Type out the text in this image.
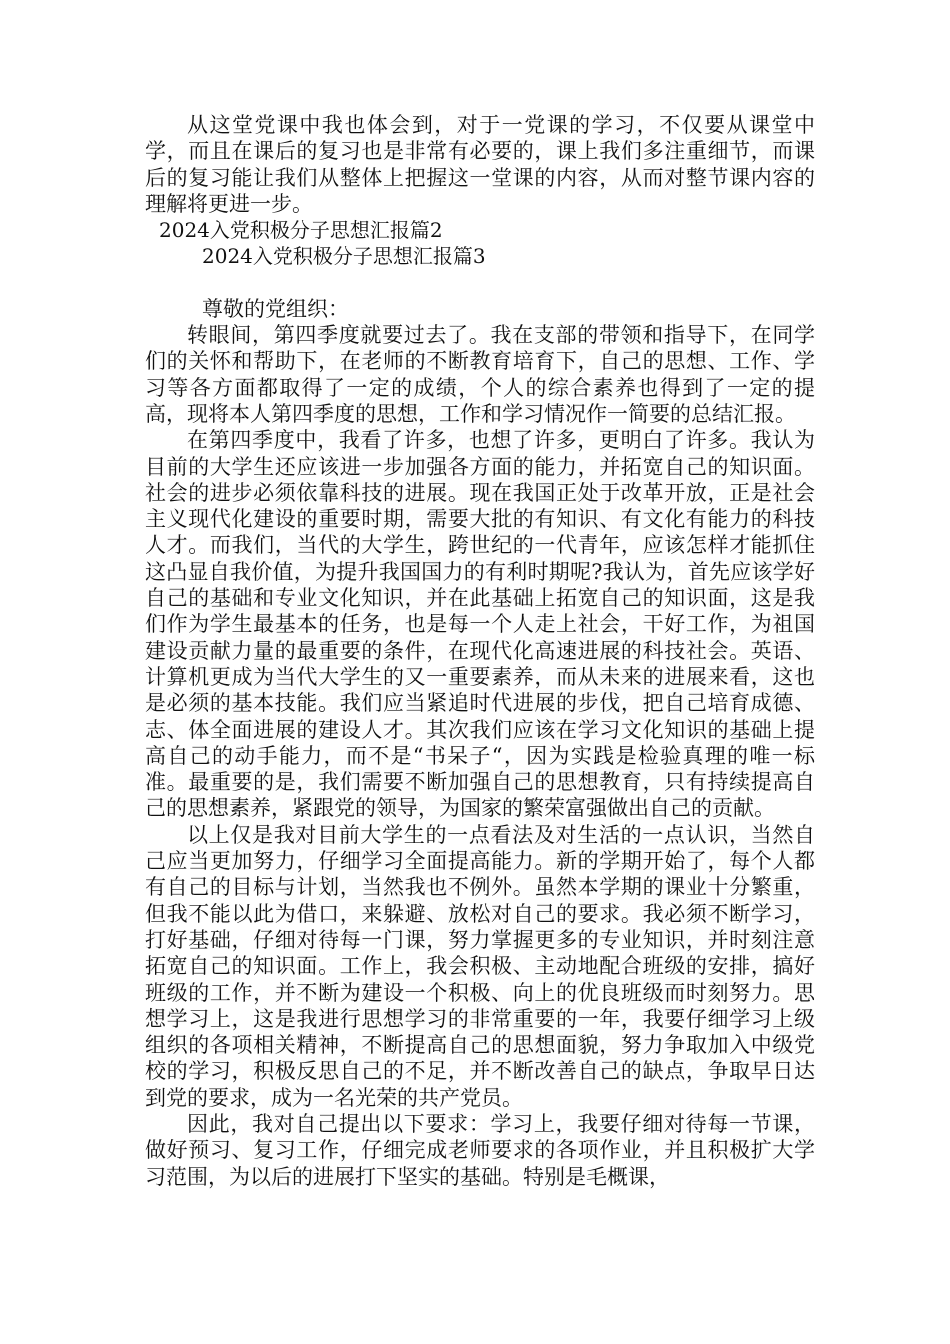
从这堂党课中我也体会到，对于一党课的学习，不仅要从课堂中学，而且在课后的复习也是非常有必要的，课上我们多注重细节，而课后的复习能让我们从整体上把握这一堂课的内容，从而对整节课内容的理解将更进一步。

2024入党积极分子思想汇报篇2

2024入党积极分子思想汇报篇3

尊敬的党组织：

转眼间，第四季度就要过去了。我在支部的带领和指导下，在同学们的关怀和帮助下，在老师的不断教育培育下，自己的思想、工作、学习等各方面都取得了一定的成绩，个人的综合素养也得到了一定的提高，现将本人第四季度的思想，工作和学习情况作一简要的总结汇报。

在第四季度中，我看了许多，也想了许多，更明白了许多。我认为目前的大学生还应该进一步加强各方面的能力，并拓宽自己的知识面。社会的进步必须依靠科技的进展。现在我国正处于改革开放，正是社会主义现代化建设的重要时期，需要大批的有知识、有文化有能力的科技人才。而我们，当代的大学生，跨世纪的一代青年，应该怎样才能抓住这凸显自我价值，为提升我国国力的有利时期呢?我认为，首先应该学好自己的基础和专业文化知识，并在此基础上拓宽自己的知识面，这是我们作为学生最基本的任务，也是每一个人走上社会，干好工作，为祖国建设贡献力量的最重要的条件，在现代化高速进展的科技社会。英语、计算机更成为当代大学生的又一重要素养，而从未来的进展来看，这也是必须的基本技能。我们应当紧追时代进展的步伐，把自己培育成德、志、体全面进展的建设人才。其次我们应该在学习文化知识的基础上提高自己的动手能力，而不是“书呆子“，因为实践是检验真理的唯一标准。最重要的是，我们需要不断加强自己的思想教育，只有持续提高自己的思想素养，紧跟党的领导，为国家的繁荣富强做出自己的贡献。

以上仅是我对目前大学生的一点看法及对生活的一点认识，当然自己应当更加努力，仔细学习全面提高能力。新的学期开始了，每个人都有自己的目标与计划，当然我也不例外。虽然本学期的课业十分繁重，但我不能以此为借口，来躲避、放松对自己的要求。我必须不断学习，打好基础，仔细对待每一门课，努力掌握更多的专业知识，并时刻注意拓宽自己的知识面。工作上，我会积极、主动地配合班级的安排，搞好班级的工作，并不断为建设一个积极、向上的优良班级而时刻努力。思想学习上，这是我进行思想学习的非常重要的一年，我要仔细学习上级组织的各项相关精神，不断提高自己的思想面貌，努力争取加入中级党校的学习，积极反思自己的不足，并不断改善自己的缺点，争取早日达到党的要求，成为一名光荣的共产党员。

因此，我对自己提出以下要求：学习上，我要仔细对待每一节课，做好预习、复习工作，仔细完成老师要求的各项作业，并且积极扩大学习范围，为以后的进展打下坚实的基础。特别是毛概课，
